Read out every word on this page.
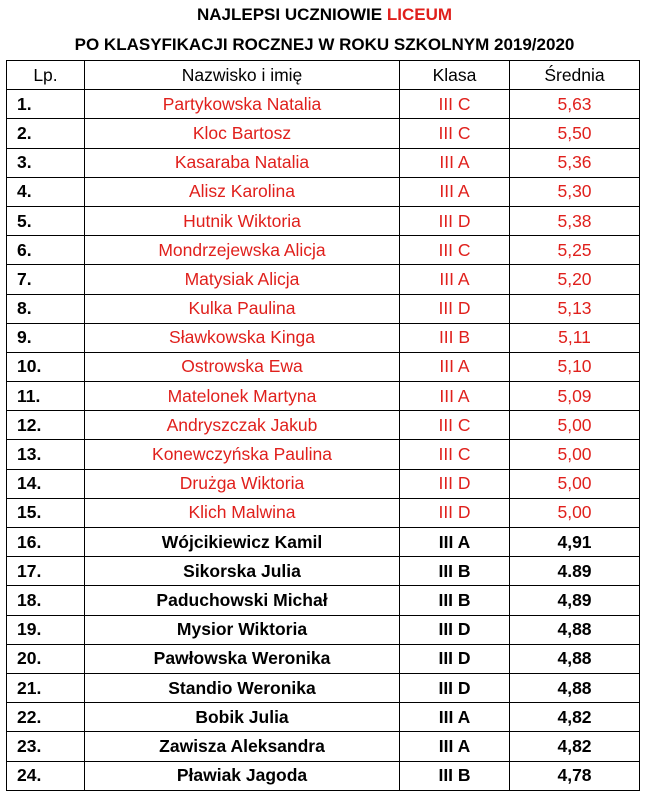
NAJLEPSI UCZNIOWIE LICEUM
PO KLASYFIKACJI ROCZNEJ W ROKU SZKOLNYM 2019/2020
Lp.	Nazwisko i imię	Klasa	Średnia
1.	Partykowska Natalia	III C	5,63
2.	Kloc Bartosz	III C	5,50
3.	Kasaraba Natalia	III A	5,36
4.	Alisz Karolina	III A	5,30
5.	Hutnik Wiktoria	III D	5,38
6.	Mondrzejewska Alicja	III C	5,25
7.	Matysiak Alicja	III A	5,20
8.	Kulka Paulina	III D	5,13
9.	Sławkowska Kinga	III B	5,11
10.	Ostrowska Ewa	III A	5,10
11.	Matelonek Martyna	III A	5,09
12.	Andryszczak Jakub	III C	5,00
13.	Konewczyńska Paulina	III C	5,00
14.	Drużga Wiktoria	III D	5,00
15.	Klich Malwina	III D	5,00
16.	Wójcikiewicz Kamil	III A	4,91
17.	Sikorska Julia	III B	4.89
18.	Paduchowski Michał	III B	4,89
19.	Mysior Wiktoria	III D	4,88
20.	Pawłowska Weronika	III D	4,88
21.	Standio Weronika	III D	4,88
22.	Bobik Julia	III A	4,82
23.	Zawisza Aleksandra	III A	4,82
24.	Pławiak Jagoda	III B	4,78
